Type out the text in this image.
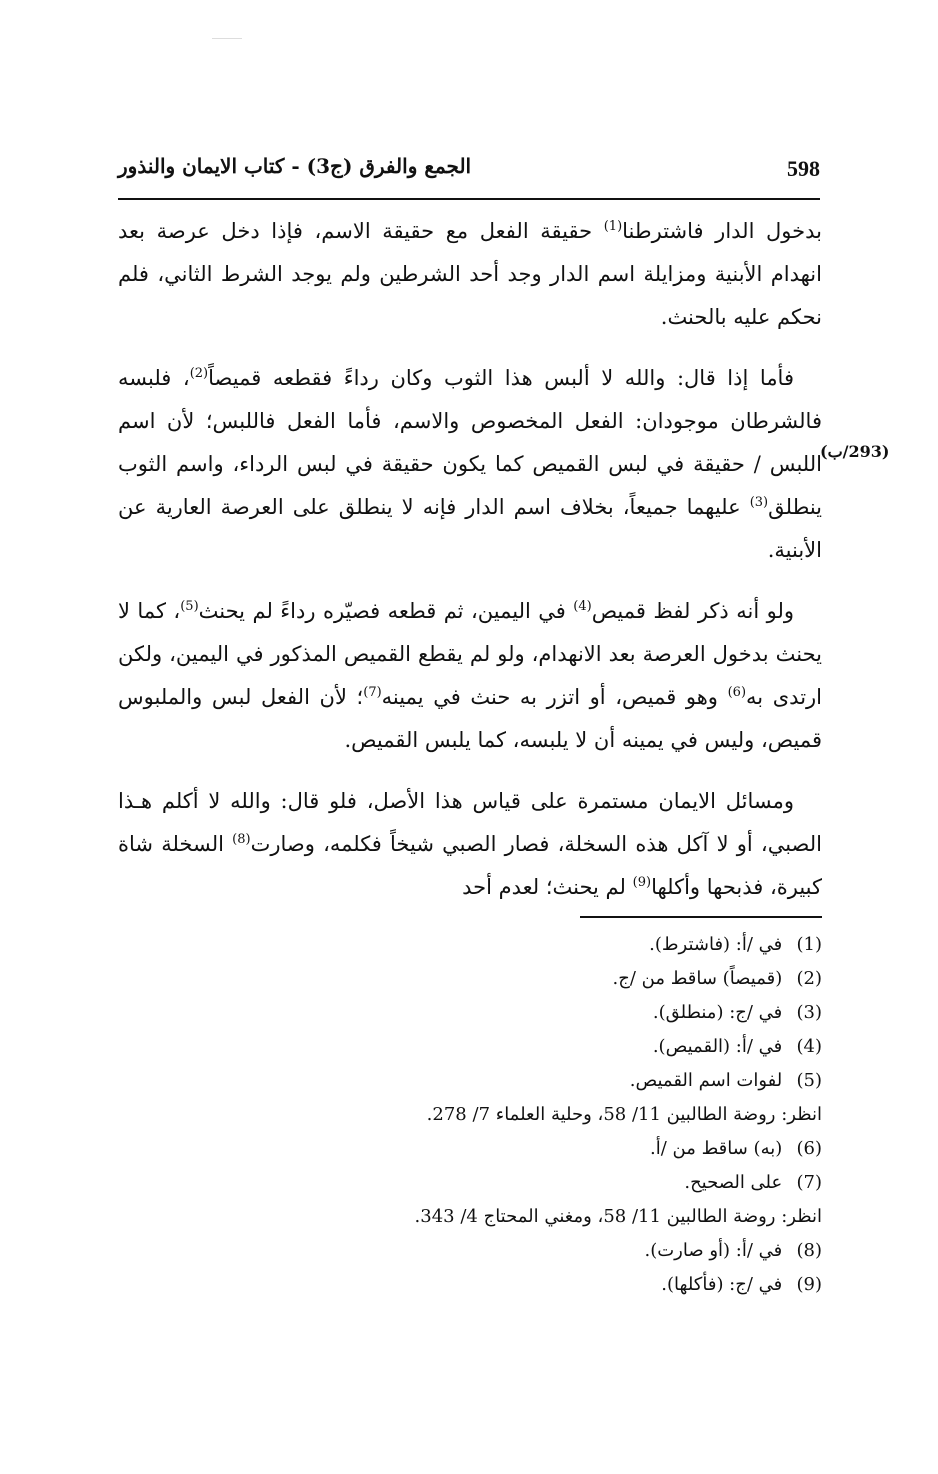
598
الجمع والفرق (ج3) - كتاب الايمان والنذور

بدخول الدار فاشترطنا$^{(1)}$ حقيقة الفعل مع حقيقة الاسم، فإذا دخل عرصة بعد انهدام الأبنية ومزايلة اسم الدار وجد أحد الشرطين ولم يوجد الشرط الثاني، فلم نحكم عليه بالحنث.

فأما إذا قال: والله لا ألبس هذا الثوب وكان رداءً فقطعه قميصاً$^{(2)}$، فلبسه فالشرطان موجودان: الفعل المخصوص والاسم، فأما الفعل فاللبس؛ لأن اسم اللبس / حقيقة في لبس القميص كما يكون حقيقة في لبس الرداء، واسم الثوب ينطلق$^{(3)}$ عليهما جميعاً، بخلاف اسم الدار فإنه لا ينطلق على العرصة العارية عن الأبنية.

ولو أنه ذكر لفظ قميص$^{(4)}$ في اليمين، ثم قطعه فصيّره رداءً لم يحنث$^{(5)}$، كما لا يحنث بدخول العرصة بعد الانهدام، ولو لم يقطع القميص المذكور في اليمين، ولكن ارتدى به$^{(6)}$ وهو قميص، أو اتزر به حنث في يمينه$^{(7)}$؛ لأن الفعل لبس والملبوس قميص، وليس في يمينه أن لا يلبسه، كما يلبس القميص.

ومسائل الايمان مستمرة على قياس هذا الأصل، فلو قال: والله لا أكلم هـذا الصبي، أو لا آكل هذه السخلة، فصار الصبي شيخاً فكلمه، وصارت$^{(8)}$ السخلة شاة كبيرة، فذبحها وأكلها$^{(9)}$ لم يحنث؛ لعدم أحد

(293/ب)
(1) في /أ: (فاشترط).
(2) (قميصاً) ساقط من /ج.
(3) في /ج: (منطلق).
(4) في /أ: (القميص).
(5) لفوات اسم القميص.
انظر: روضة الطالبين 11/ 58، وحلية العلماء 7/ 278.
(6) (به) ساقط من /أ.
(7) على الصحيح.
انظر: روضة الطالبين 11/ 58، ومغني المحتاج 4/ 343.
(8) في /أ: (أو صارت).
(9) في /ج: (فأكلها).
